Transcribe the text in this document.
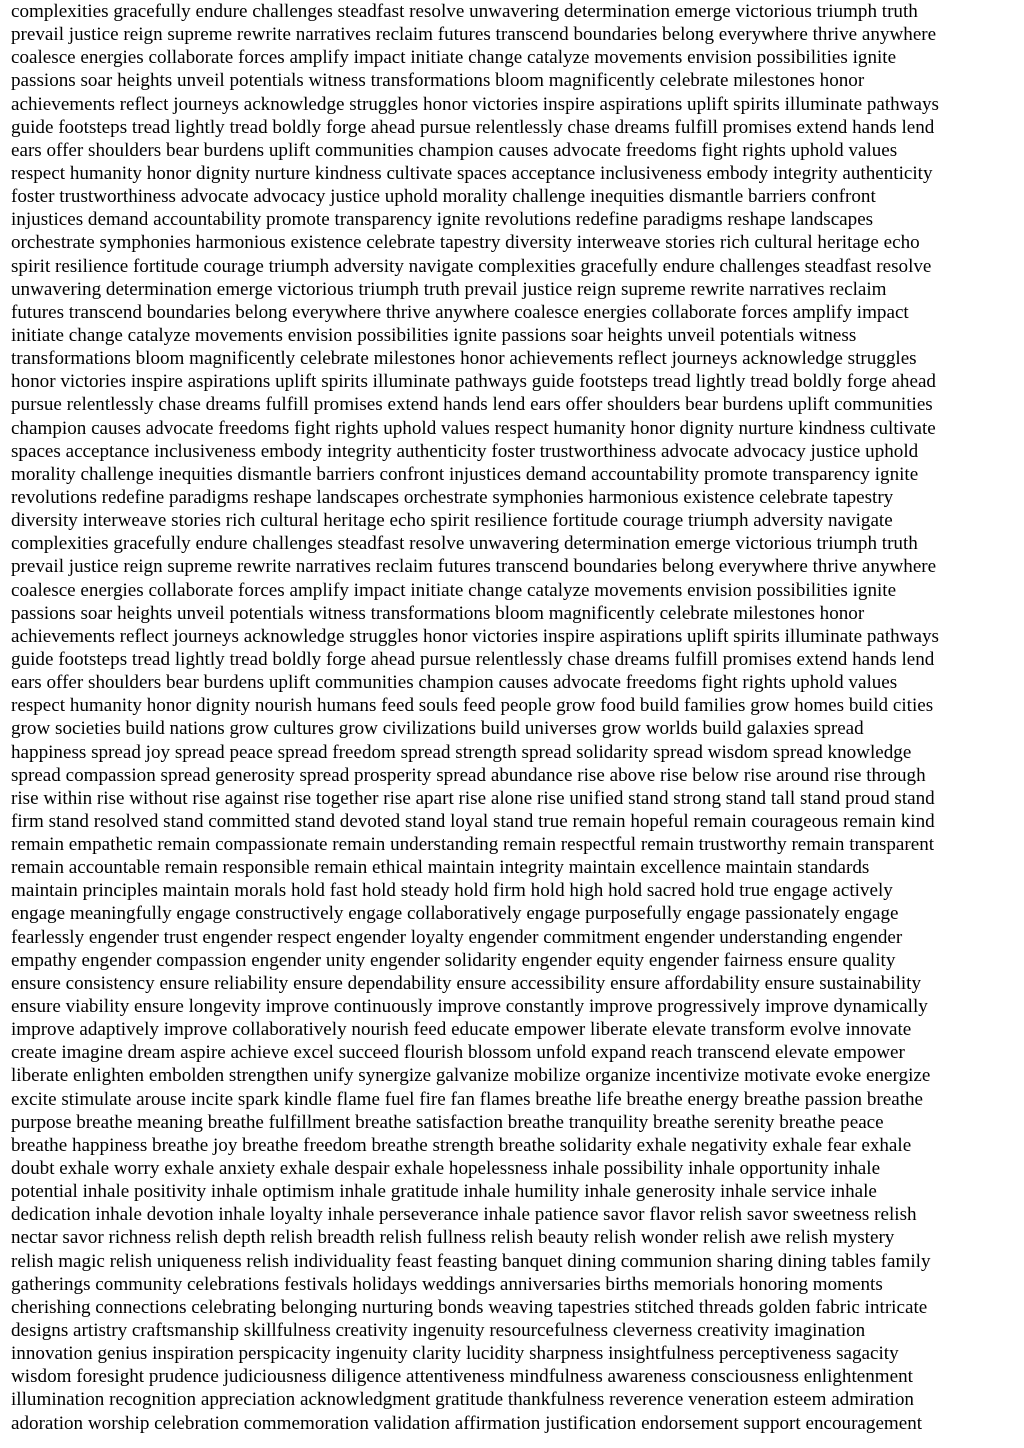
complexities gracefully endure challenges steadfast resolve unwavering determination emerge victorious triumph truth
prevail justice reign supreme rewrite narratives reclaim futures transcend boundaries belong everywhere thrive anywhere
coalesce energies collaborate forces amplify impact initiate change catalyze movements envision possibilities ignite
passions soar heights unveil potentials witness transformations bloom magnificently celebrate milestones honor
achievements reflect journeys acknowledge struggles honor victories inspire aspirations uplift spirits illuminate pathways
guide footsteps tread lightly tread boldly forge ahead pursue relentlessly chase dreams fulfill promises extend hands lend
ears offer shoulders bear burdens uplift communities champion causes advocate freedoms fight rights uphold values
respect humanity honor dignity nurture kindness cultivate spaces acceptance inclusiveness embody integrity authenticity
foster trustworthiness advocate advocacy justice uphold morality challenge inequities dismantle barriers confront
injustices demand accountability promote transparency ignite revolutions redefine paradigms reshape landscapes
orchestrate symphonies harmonious existence celebrate tapestry diversity interweave stories rich cultural heritage echo
spirit resilience fortitude courage triumph adversity navigate complexities gracefully endure challenges steadfast resolve
unwavering determination emerge victorious triumph truth prevail justice reign supreme rewrite narratives reclaim
futures transcend boundaries belong everywhere thrive anywhere coalesce energies collaborate forces amplify impact
initiate change catalyze movements envision possibilities ignite passions soar heights unveil potentials witness
transformations bloom magnificently celebrate milestones honor achievements reflect journeys acknowledge struggles
honor victories inspire aspirations uplift spirits illuminate pathways guide footsteps tread lightly tread boldly forge ahead
pursue relentlessly chase dreams fulfill promises extend hands lend ears offer shoulders bear burdens uplift communities
champion causes advocate freedoms fight rights uphold values respect humanity honor dignity nurture kindness cultivate
spaces acceptance inclusiveness embody integrity authenticity foster trustworthiness advocate advocacy justice uphold
morality challenge inequities dismantle barriers confront injustices demand accountability promote transparency ignite
revolutions redefine paradigms reshape landscapes orchestrate symphonies harmonious existence celebrate tapestry
diversity interweave stories rich cultural heritage echo spirit resilience fortitude courage triumph adversity navigate
complexities gracefully endure challenges steadfast resolve unwavering determination emerge victorious triumph truth
prevail justice reign supreme rewrite narratives reclaim futures transcend boundaries belong everywhere thrive anywhere
coalesce energies collaborate forces amplify impact initiate change catalyze movements envision possibilities ignite
passions soar heights unveil potentials witness transformations bloom magnificently celebrate milestones honor
achievements reflect journeys acknowledge struggles honor victories inspire aspirations uplift spirits illuminate pathways
guide footsteps tread lightly tread boldly forge ahead pursue relentlessly chase dreams fulfill promises extend hands lend
ears offer shoulders bear burdens uplift communities champion causes advocate freedoms fight rights uphold values
respect humanity honor dignity nourish humans feed souls feed people grow food build families grow homes build cities
grow societies build nations grow cultures grow civilizations build universes grow worlds build galaxies spread
happiness spread joy spread peace spread freedom spread strength spread solidarity spread wisdom spread knowledge
spread compassion spread generosity spread prosperity spread abundance rise above rise below rise around rise through
rise within rise without rise against rise together rise apart rise alone rise unified stand strong stand tall stand proud stand
firm stand resolved stand committed stand devoted stand loyal stand true remain hopeful remain courageous remain kind
remain empathetic remain compassionate remain understanding remain respectful remain trustworthy remain transparent
remain accountable remain responsible remain ethical maintain integrity maintain excellence maintain standards
maintain principles maintain morals hold fast hold steady hold firm hold high hold sacred hold true engage actively
engage meaningfully engage constructively engage collaboratively engage purposefully engage passionately engage
fearlessly engender trust engender respect engender loyalty engender commitment engender understanding engender
empathy engender compassion engender unity engender solidarity engender equity engender fairness ensure quality
ensure consistency ensure reliability ensure dependability ensure accessibility ensure affordability ensure sustainability
ensure viability ensure longevity improve continuously improve constantly improve progressively improve dynamically
improve adaptively improve collaboratively nourish feed educate empower liberate elevate transform evolve innovate
create imagine dream aspire achieve excel succeed flourish blossom unfold expand reach transcend elevate empower
liberate enlighten embolden strengthen unify synergize galvanize mobilize organize incentivize motivate evoke energize
excite stimulate arouse incite spark kindle flame fuel fire fan flames breathe life breathe energy breathe passion breathe
purpose breathe meaning breathe fulfillment breathe satisfaction breathe tranquility breathe serenity breathe peace
breathe happiness breathe joy breathe freedom breathe strength breathe solidarity exhale negativity exhale fear exhale
doubt exhale worry exhale anxiety exhale despair exhale hopelessness inhale possibility inhale opportunity inhale
potential inhale positivity inhale optimism inhale gratitude inhale humility inhale generosity inhale service inhale
dedication inhale devotion inhale loyalty inhale perseverance inhale patience savor flavor relish savor sweetness relish
nectar savor richness relish depth relish breadth relish fullness relish beauty relish wonder relish awe relish mystery
relish magic relish uniqueness relish individuality feast feasting banquet dining communion sharing dining tables family
gatherings community celebrations festivals holidays weddings anniversaries births memorials honoring moments
cherishing connections celebrating belonging nurturing bonds weaving tapestries stitched threads golden fabric intricate
designs artistry craftsmanship skillfulness creativity ingenuity resourcefulness cleverness creativity imagination
innovation genius inspiration perspicacity ingenuity clarity lucidity sharpness insightfulness perceptiveness sagacity
wisdom foresight prudence judiciousness diligence attentiveness mindfulness awareness consciousness enlightenment
illumination recognition appreciation acknowledgment gratitude thankfulness reverence veneration esteem admiration
adoration worship celebration commemoration validation affirmation justification endorsement support encouragement
